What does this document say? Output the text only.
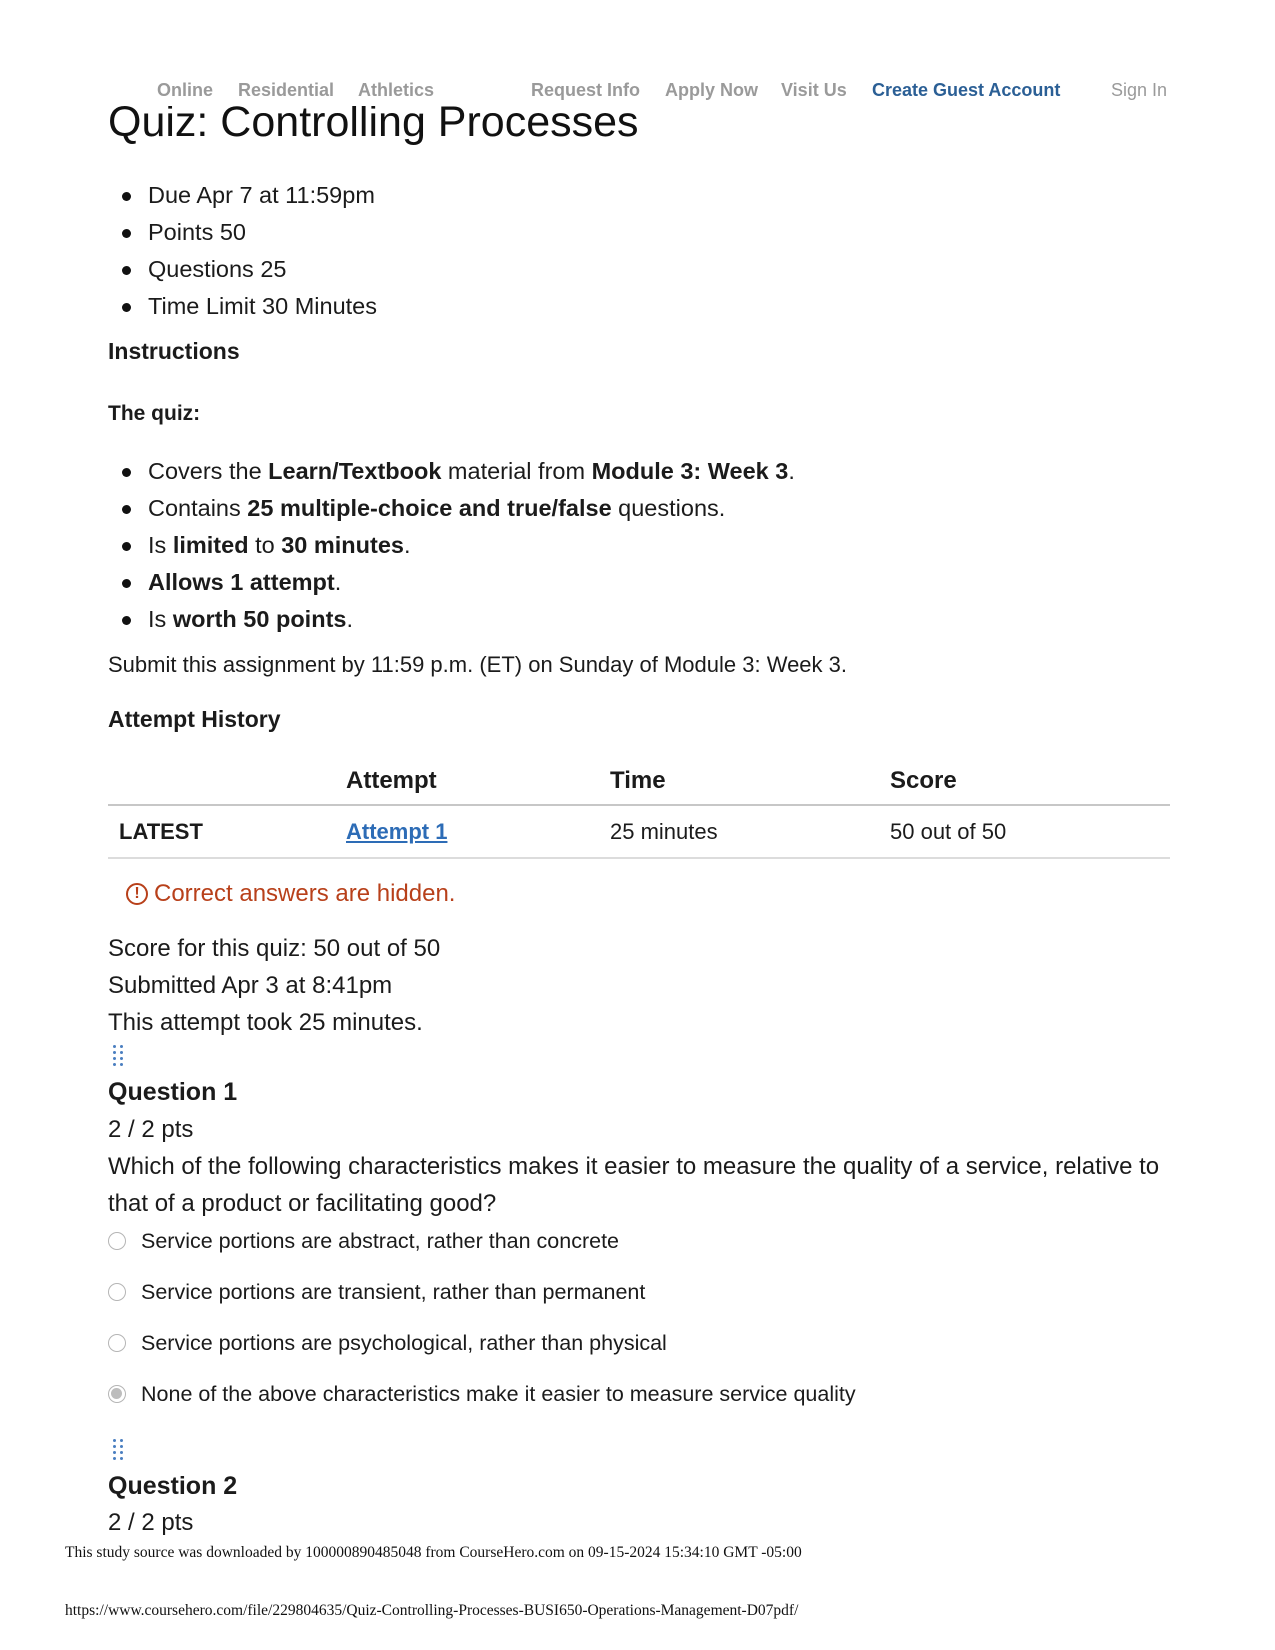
Online Residential Athletics	Request Info Apply Now Visit Us Create Guest Account	Sign In
Quiz: Controlling Processes
Due Apr 7 at 11:59pm
Points 50
Questions 25
Time Limit 30 Minutes
Instructions
The quiz:
Covers the Learn/Textbook material from Module 3: Week 3.
Contains 25 multiple-choice and true/false questions.
Is limited to 30 minutes.
Allows 1 attempt.
Is worth 50 points.
Submit this assignment by 11:59 p.m. (ET) on Sunday of Module 3: Week 3.
Attempt History
	Attempt	Time	Score
LATEST	Attempt 1	25 minutes	50 out of 50
! Correct answers are hidden.
Score for this quiz: 50 out of 50
Submitted Apr 3 at 8:41pm
This attempt took 25 minutes.
Question 1
2 / 2 pts
Which of the following characteristics makes it easier to measure the quality of a service, relative to that of a product or facilitating good?
Service portions are abstract, rather than concrete
Service portions are transient, rather than permanent
Service portions are psychological, rather than physical
None of the above characteristics make it easier to measure service quality
Question 2
2 / 2 pts
This study source was downloaded by 100000890485048 from CourseHero.com on 09-15-2024 15:34:10 GMT -05:00
https://www.coursehero.com/file/229804635/Quiz-Controlling-Processes-BUSI650-Operations-Management-D07pdf/
